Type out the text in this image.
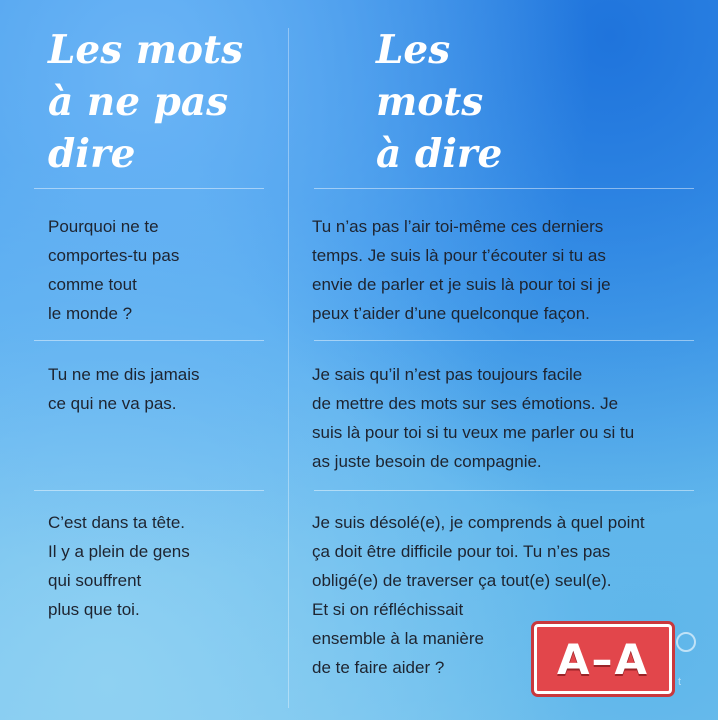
Les mots
à ne pas
dire
Les
mots
à dire

Pourquoi ne te
comportes-tu pas
comme tout
le monde ?

Tu n’as pas l’air toi-même ces derniers
temps. Je suis là pour t’écouter si tu as
envie de parler et je suis là pour toi si je
peux t’aider d’une quelconque façon.

Tu ne me dis jamais
ce qui ne va pas.

Je sais qu’il n’est pas toujours facile
de mettre des mots sur ses émotions. Je
suis là pour toi si tu veux me parler ou si tu
as juste besoin de compagnie.

C’est dans ta tête.
Il y a plein de gens
qui souffrent
plus que toi.

Je suis désolé(e), je comprends à quel point
ça doit être difficile pour toi. Tu n’es pas
obligé(e) de traverser ça tout(e) seul(e).
Et si on réfléchissait
ensemble à la manière
de te faire aider ?	A–A	t
